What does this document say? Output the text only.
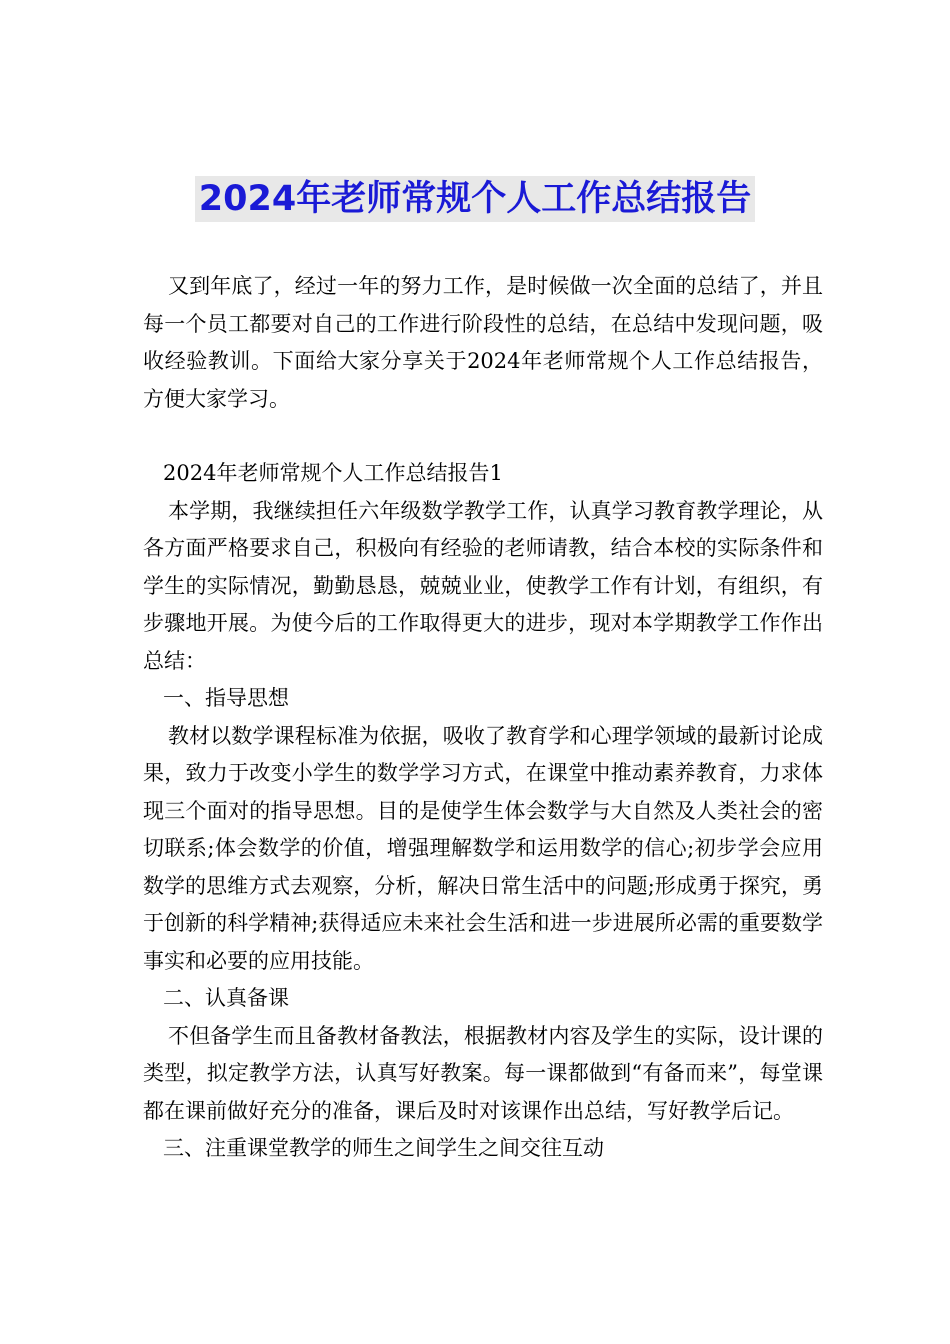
2024年老师常规个人工作总结报告

又到年底了，经过一年的努力工作，是时候做一次全面的总结了，并且每一个员工都要对自己的工作进行阶段性的总结，在总结中发现问题，吸收经验教训。下面给大家分享关于2024年老师常规个人工作总结报告，方便大家学习。

2024年老师常规个人工作总结报告1

本学期，我继续担任六年级数学教学工作，认真学习教育教学理论，从各方面严格要求自己，积极向有经验的老师请教，结合本校的实际条件和学生的实际情况，勤勤恳恳，兢兢业业，使教学工作有计划，有组织，有步骤地开展。为使今后的工作取得更大的进步，现对本学期教学工作作出总结：

一、指导思想

教材以数学课程标准为依据，吸收了教育学和心理学领域的最新讨论成果，致力于改变小学生的数学学习方式，在课堂中推动素养教育，力求体现三个面对的指导思想。目的是使学生体会数学与大自然及人类社会的密切联系;体会数学的价值，增强理解数学和运用数学的信心;初步学会应用数学的思维方式去观察，分析，解决日常生活中的问题;形成勇于探究，勇于创新的科学精神;获得适应未来社会生活和进一步进展所必需的重要数学事实和必要的应用技能。

二、认真备课

不但备学生而且备教材备教法，根据教材内容及学生的实际，设计课的类型，拟定教学方法，认真写好教案。每一课都做到“有备而来”，每堂课都在课前做好充分的准备，课后及时对该课作出总结，写好教学后记。

三、注重课堂教学的师生之间学生之间交往互动
